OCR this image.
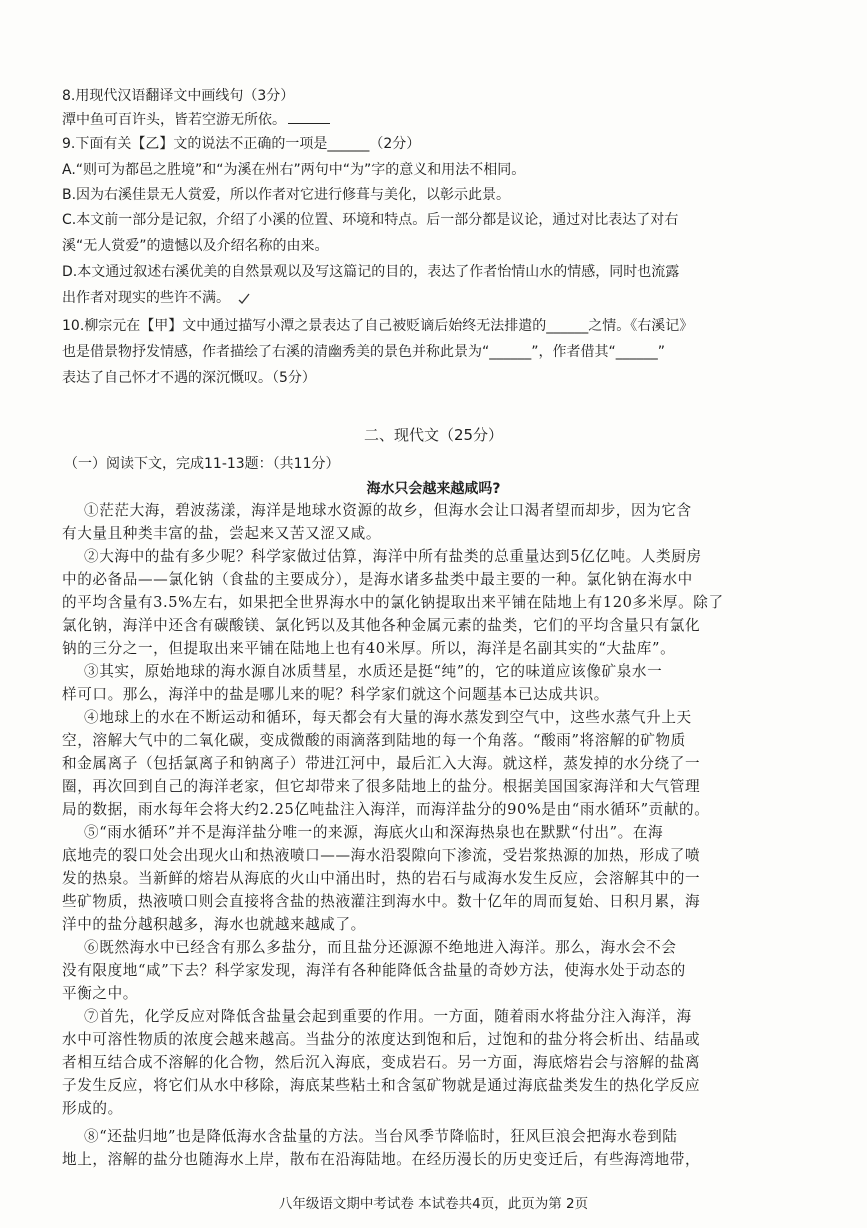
8.用现代汉语翻译文中画线句（3分）
潭中鱼可百许头，皆若空游无所依。
9.下面有关【乙】文的说法不正确的一项是______（2分）
A.“则可为都邑之胜境”和“为溪在州右”两句中“为”字的意义和用法不相同。
B.因为右溪佳景无人赏爱，所以作者对它进行修葺与美化，以彰示此景。
C.本文前一部分是记叙，介绍了小溪的位置、环境和特点。后一部分都是议论，通过对比表达了对右
溪“无人赏爱”的遗憾以及介绍名称的由来。
D.本文通过叙述右溪优美的自然景观以及写这篇记的目的，表达了作者怡情山水的情感，同时也流露
出作者对现实的些许不满。
10.柳宗元在【甲】文中通过描写小潭之景表达了自己被贬谪后始终无法排遣的______之情。《右溪记》
也是借景物抒发情感，作者描绘了右溪的清幽秀美的景色并称此景为“______”，作者借其“______”
表达了自己怀才不遇的深沉慨叹。（5分）
二、现代文（25分）
（一）阅读下文，完成11-13题：（共11分）
海水只会越来越咸吗?
①茫茫大海，碧波荡漾，海洋是地球水资源的故乡，但海水会让口渴者望而却步，因为它含
有大量且种类丰富的盐，尝起来又苦又涩又咸。
②大海中的盐有多少呢？科学家做过估算，海洋中所有盐类的总重量达到5亿亿吨。人类厨房
中的必备品——氯化钠（食盐的主要成分），是海水诸多盐类中最主要的一种。氯化钠在海水中
的平均含量有3.5%左右，如果把全世界海水中的氯化钠提取出来平铺在陆地上有120多米厚。除了
氯化钠，海洋中还含有碳酸镁、氯化钙以及其他各种金属元素的盐类，它们的平均含量只有氯化
钠的三分之一，但提取出来平铺在陆地上也有40米厚。所以，海洋是名副其实的“大盐库”。
③其实，原始地球的海水源自冰质彗星，水质还是挺“纯”的，它的味道应该像矿泉水一
样可口。那么，海洋中的盐是哪儿来的呢？科学家们就这个问题基本已达成共识。
④地球上的水在不断运动和循环，每天都会有大量的海水蒸发到空气中，这些水蒸气升上天
空，溶解大气中的二氧化碳，变成微酸的雨滴落到陆地的每一个角落。“酸雨”将溶解的矿物质
和金属离子（包括氯离子和钠离子）带进江河中，最后汇入大海。就这样，蒸发掉的水分绕了一
圈，再次回到自己的海洋老家，但它却带来了很多陆地上的盐分。根据美国国家海洋和大气管理
局的数据，雨水每年会将大约2.25亿吨盐注入海洋，而海洋盐分的90%是由“雨水循环”贡献的。
⑤“雨水循环”并不是海洋盐分唯一的来源，海底火山和深海热泉也在默默“付出”。在海
底地壳的裂口处会出现火山和热液喷口——海水沿裂隙向下渗流，受岩浆热源的加热，形成了喷
发的热泉。当新鲜的熔岩从海底的火山中涌出时，热的岩石与咸海水发生反应，会溶解其中的一
些矿物质，热液喷口则会直接将含盐的热液灌注到海水中。数十亿年的周而复始、日积月累，海
洋中的盐分越积越多，海水也就越来越咸了。
⑥既然海水中已经含有那么多盐分，而且盐分还源源不绝地进入海洋。那么，海水会不会
没有限度地“咸”下去？科学家发现，海洋有各种能降低含盐量的奇妙方法，使海水处于动态的
平衡之中。
⑦首先，化学反应对降低含盐量会起到重要的作用。一方面，随着雨水将盐分注入海洋，海
水中可溶性物质的浓度会越来越高。当盐分的浓度达到饱和后，过饱和的盐分将会析出、结晶或
者相互结合成不溶解的化合物，然后沉入海底，变成岩石。另一方面，海底熔岩会与溶解的盐离
子发生反应，将它们从水中移除，海底某些粘土和含氢矿物就是通过海底盐类发生的热化学反应
形成的。
⑧“还盐归地”也是降低海水含盐量的方法。当台风季节降临时，狂风巨浪会把海水卷到陆
地上，溶解的盐分也随海水上岸，散布在沿海陆地。在经历漫长的历史变迁后，有些海湾地带，
八年级语文期中考试卷 本试卷共4页，此页为第 2页
